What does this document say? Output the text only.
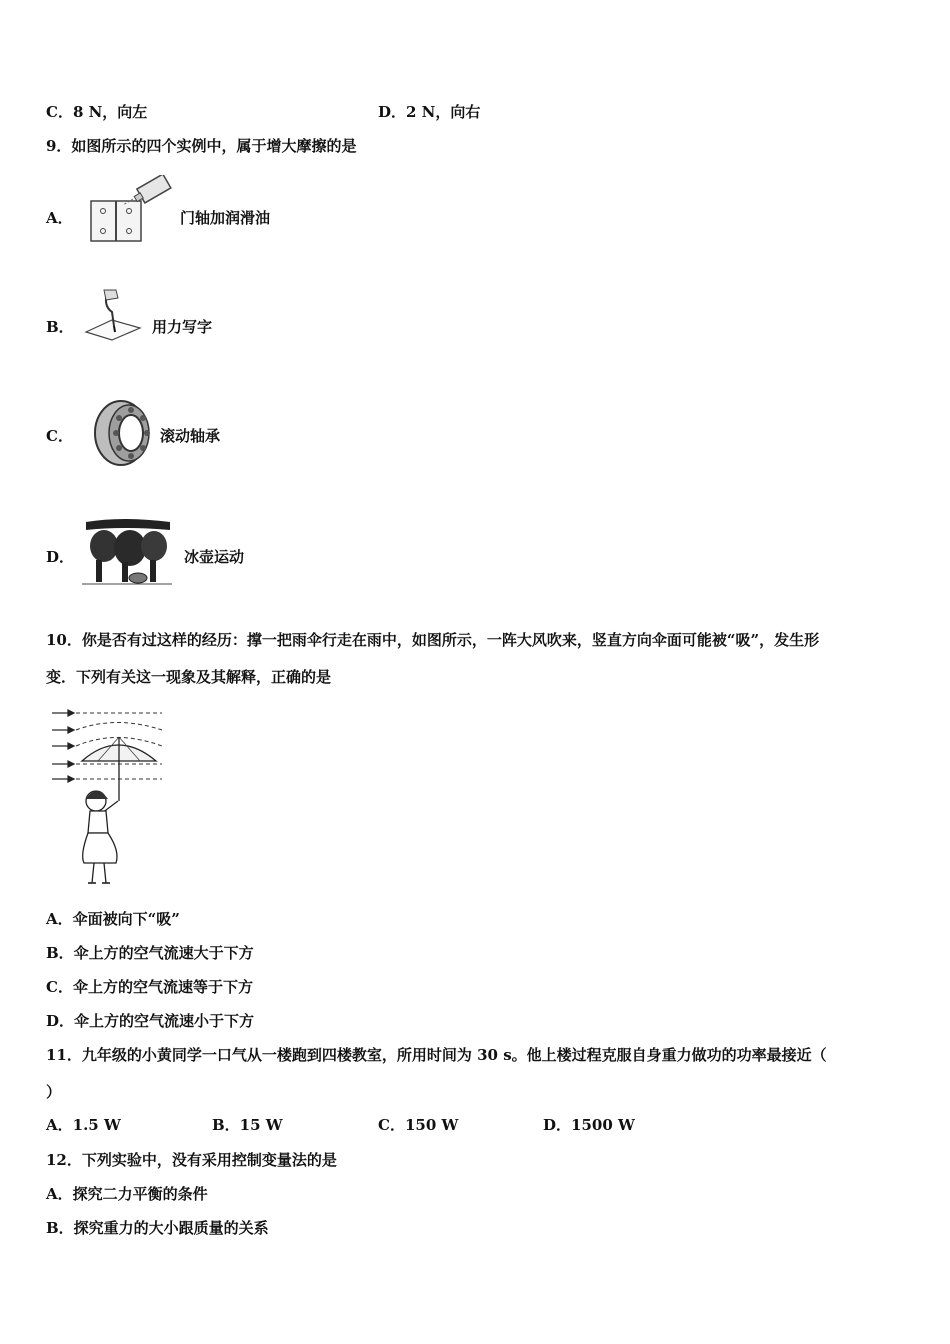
C．8 N，向左	D．2 N，向右
9．如图所示的四个实例中，属于增大摩擦的是
A．	门轴加润滑油
B．	用力写字
C．	滚动轴承
D．	冰壶运动
10．你是否有过这样的经历：撑一把雨伞行走在雨中，如图所示，一阵大风吹来，竖直方向伞面可能被“吸”，发生形
变．下列有关这一现象及其解释，正确的是
A．伞面被向下“吸”
B．伞上方的空气流速大于下方
C．伞上方的空气流速等于下方
D．伞上方的空气流速小于下方
11．九年级的小黄同学一口气从一楼跑到四楼教室，所用时间为 30 s。他上楼过程克服自身重力做功的功率最接近（
）
A．1.5 W	B．15 W	C．150 W	D．1500 W
12．下列实验中，没有采用控制变量法的是
A．探究二力平衡的条件
B．探究重力的大小跟质量的关系
